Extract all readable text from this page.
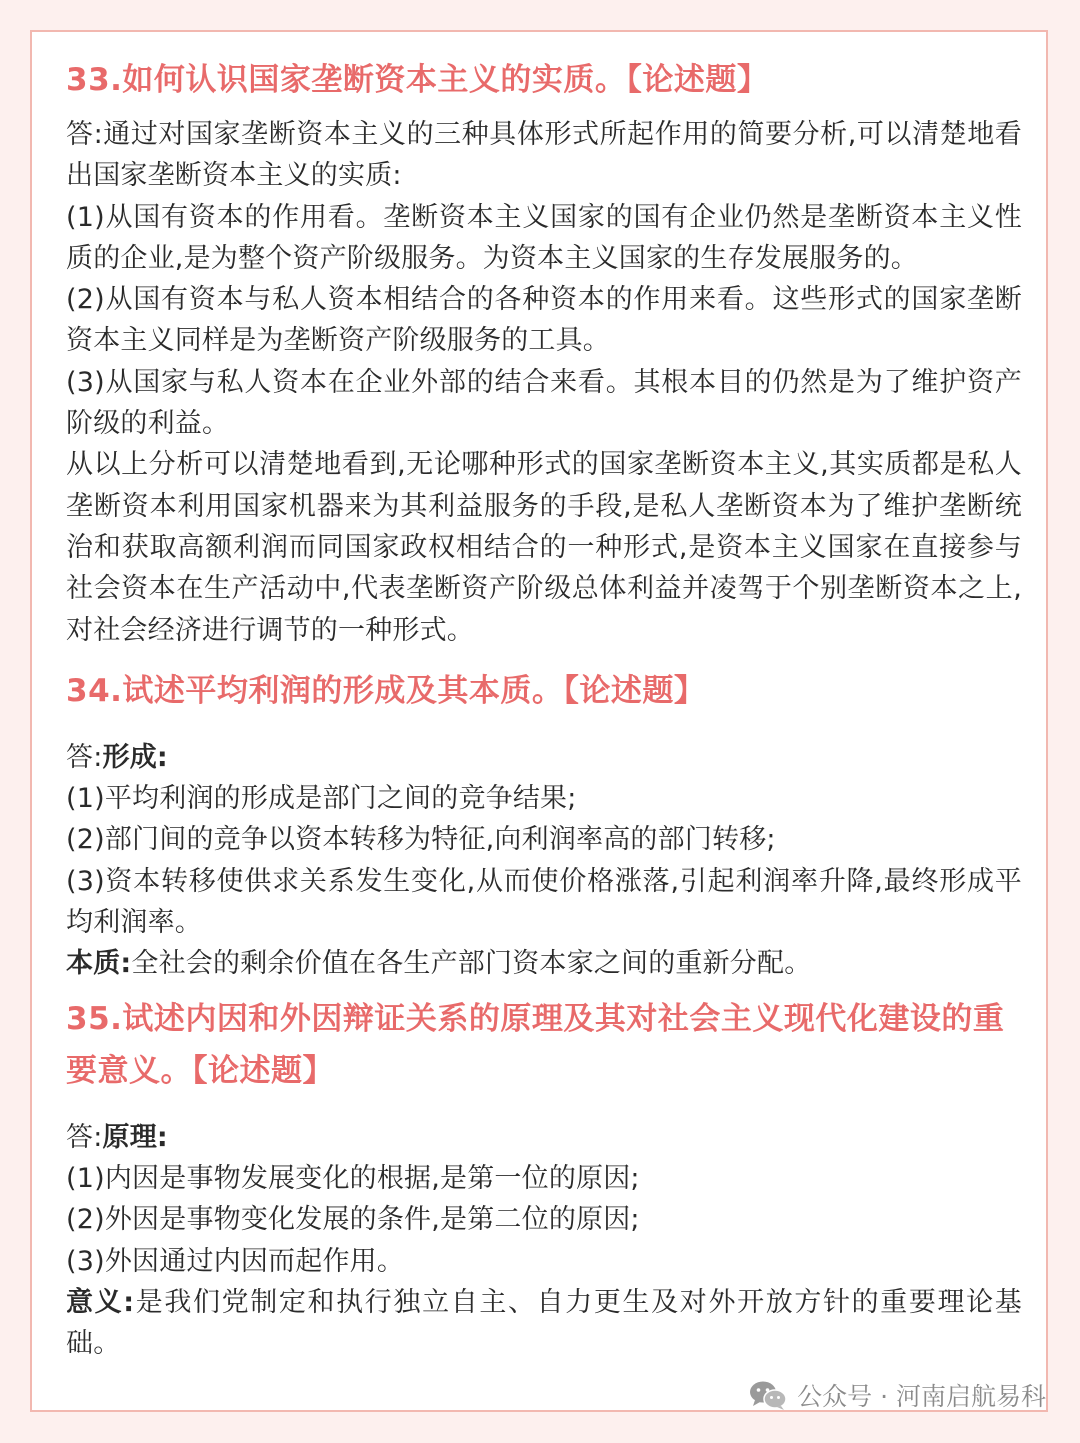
33.如何认识国家垄断资本主义的实质。【论述题】

答:通过对国家垄断资本主义的三种具体形式所起作用的简要分析,可以清楚地看出国家垄断资本主义的实质:

(1)从国有资本的作用看。垄断资本主义国家的国有企业仍然是垄断资本主义性质的企业,是为整个资产阶级服务。为资本主义国家的生存发展服务的。

(2)从国有资本与私人资本相结合的各种资本的作用来看。这些形式的国家垄断资本主义同样是为垄断资产阶级服务的工具。

(3)从国家与私人资本在企业外部的结合来看。其根本目的仍然是为了维护资产阶级的利益。

从以上分析可以清楚地看到,无论哪种形式的国家垄断资本主义,其实质都是私人垄断资本利用国家机器来为其利益服务的手段,是私人垄断资本为了维护垄断统治和获取高额利润而同国家政权相结合的一种形式,是资本主义国家在直接参与社会资本在生产活动中,代表垄断资产阶级总体利益并凌驾于个别垄断资本之上,对社会经济进行调节的一种形式。

34.试述平均利润的形成及其本质。【论述题】

答:形成:

(1)平均利润的形成是部门之间的竞争结果;

(2)部门间的竞争以资本转移为特征,向利润率高的部门转移;

(3)资本转移使供求关系发生变化,从而使价格涨落,引起利润率升降,最终形成平均利润率。

本质:全社会的剩余价值在各生产部门资本家之间的重新分配。

35.试述内因和外因辩证关系的原理及其对社会主义现代化建设的重要意义。【论述题】

答:原理:

(1)内因是事物发展变化的根据,是第一位的原因;

(2)外因是事物变化发展的条件,是第二位的原因;

(3)外因通过内因而起作用。

意义:是我们党制定和执行独立自主、自力更生及对外开放方针的重要理论基础。

公众号 · 河南启航易科
